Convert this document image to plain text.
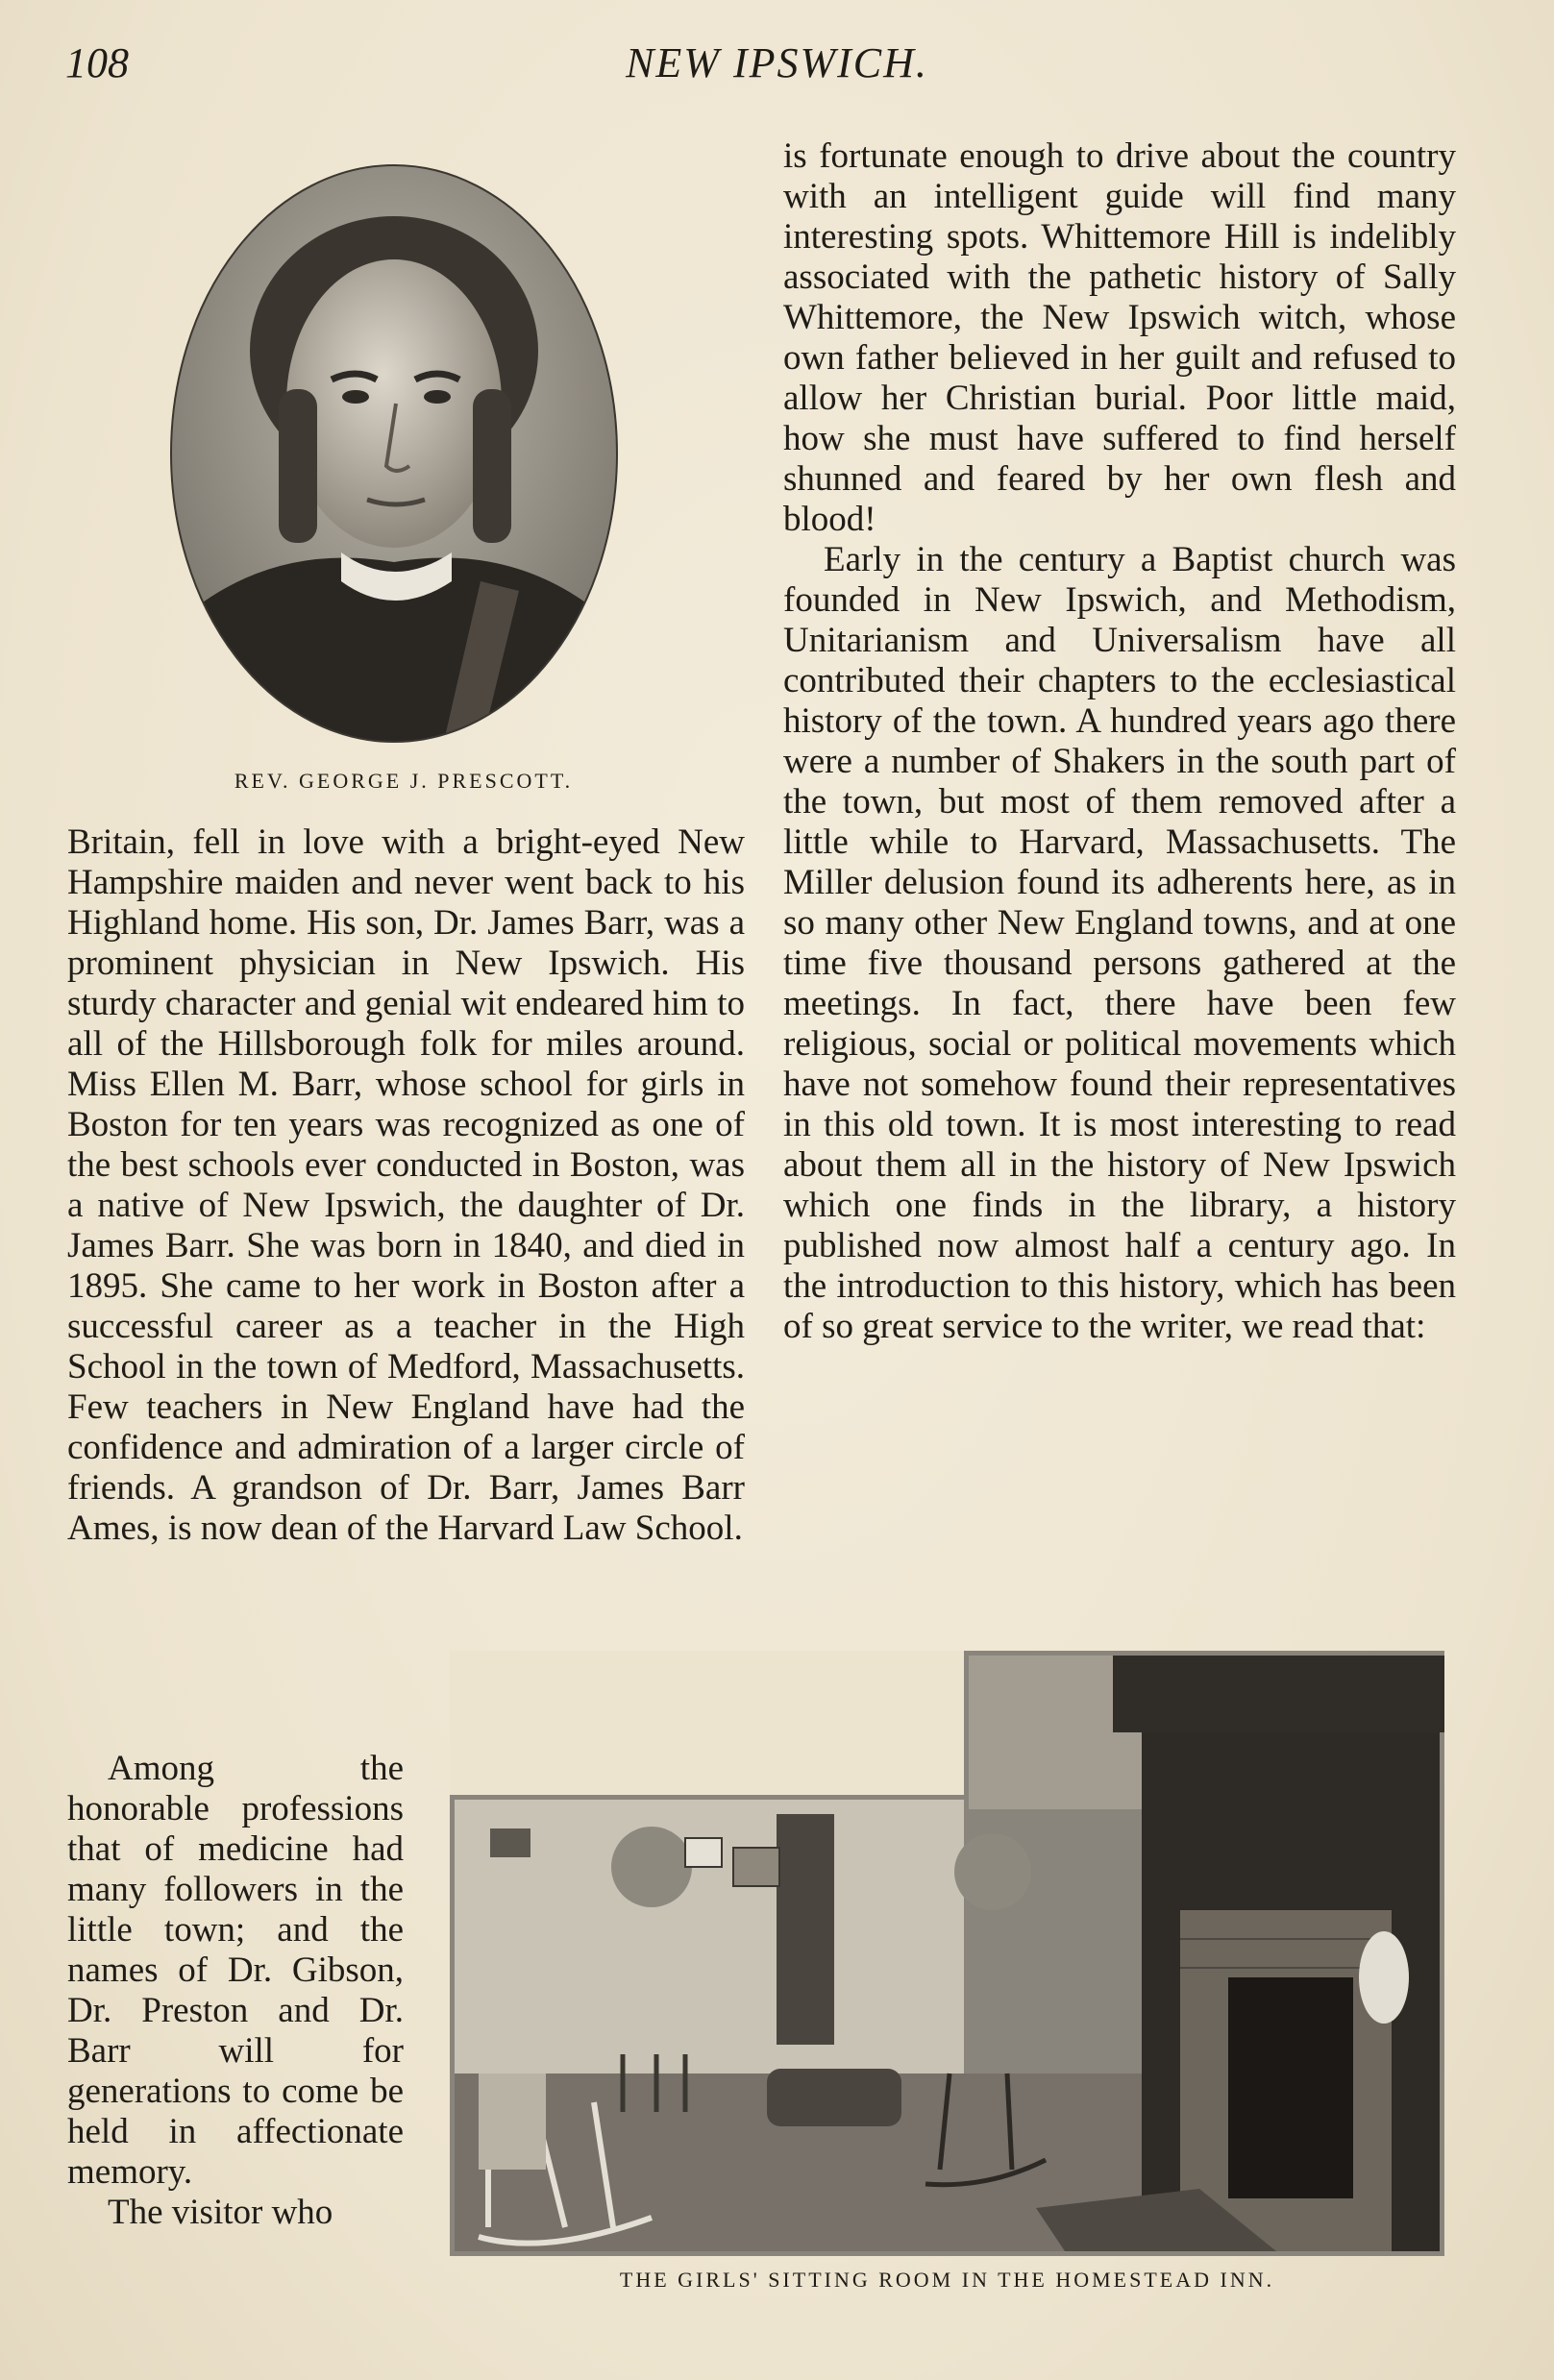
108	NEW IPSWICH.
REV. GEORGE J. PRESCOTT.

Britain, fell in love with a bright-eyed New Hampshire maiden and never went back to his Highland home. His son, Dr. James Barr, was a prominent physician in New Ipswich. His sturdy character and genial wit endeared him to all of the Hillsborough folk for miles around. Miss Ellen M. Barr, whose school for girls in Boston for ten years was recognized as one of the best schools ever conducted in Boston, was a native of New Ipswich, the daughter of Dr. James Barr. She was born in 1840, and died in 1895. She came to her work in Boston after a successful career as a teacher in the High School in the town of Medford, Massachusetts. Few teachers in New England have had the confidence and admiration of a larger circle of friends. A grandson of Dr. Barr, James Barr Ames, is now dean of the Harvard Law School.

Among the honorable professions that of medicine had many followers in the little town; and the names of Dr. Gibson, Dr. Preston and Dr. Barr will for generations to come be held in affectionate memory.

The visitor who

is fortunate enough to drive about the country with an intelligent guide will find many interesting spots. Whittemore Hill is indelibly associated with the pathetic history of Sally Whittemore, the New Ipswich witch, whose own father believed in her guilt and refused to allow her Christian burial. Poor little maid, how she must have suffered to find herself shunned and feared by her own flesh and blood!

Early in the century a Baptist church was founded in New Ipswich, and Methodism, Unitarianism and Universalism have all contributed their chapters to the ecclesiastical history of the town. A hundred years ago there were a number of Shakers in the south part of the town, but most of them removed after a little while to Harvard, Massachusetts. The Miller delusion found its adherents here, as in so many other New England towns, and at one time five thousand persons gathered at the meetings. In fact, there have been few religious, social or political movements which have not somehow found their representatives in this old town. It is most interesting to read about them all in the history of New Ipswich which one finds in the library, a history published now almost half a century ago. In the introduction to this history, which has been of so great service to the writer, we read that:

THE GIRLS' SITTING ROOM IN THE HOMESTEAD INN.
